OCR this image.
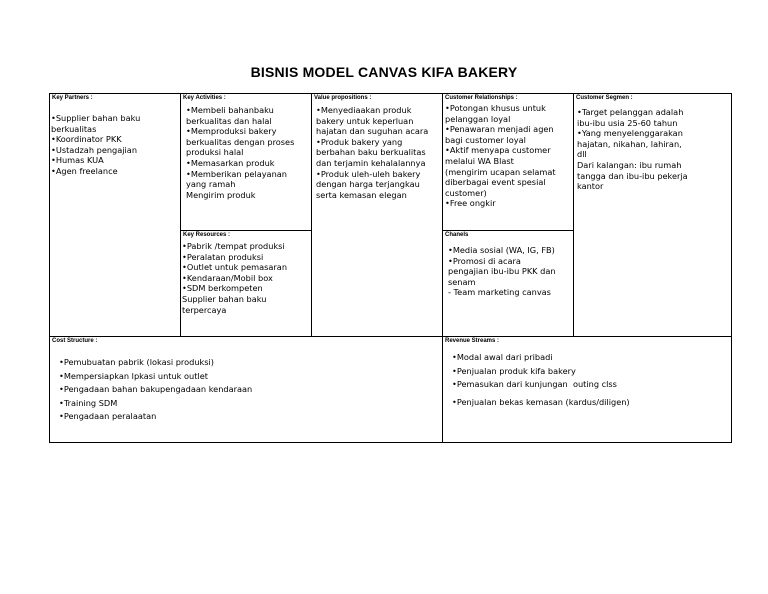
BISNIS MODEL CANVAS KIFA BAKERY
Key Partners :
•Supplier bahan baku
berkualitas
•Koordinator PKK
•Ustadzah pengajian
•Humas KUA
•Agen freelance
Key Activities :
•Membeli bahanbaku
berkualitas dan halal
•Memproduksi bakery
berkualitas dengan proses
produksi halal
•Memasarkan produk
•Memberikan pelayanan
yang ramah
Mengirim produk
Key Resources :
•Pabrik /tempat produksi
•Peralatan produksi
•Outlet untuk pemasaran
•Kendaraan/Mobil box
•SDM berkompeten
Supplier bahan baku
terpercaya
Value propositions :
•Menyediaakan produk
bakery untuk keperluan
hajatan dan suguhan acara
•Produk bakery yang
berbahan baku berkualitas
dan terjamin kehalalannya
•Produk uleh-uleh bakery
dengan harga terjangkau
serta kemasan elegan
Customer Relationships :
•Potongan khusus untuk
pelanggan loyal
•Penawaran menjadi agen
bagi customer loyal
•Aktif menyapa customer
melalui WA Blast
(mengirim ucapan selamat
diberbagai event spesial
customer)
•Free ongkir
Chanels
•Media sosial (WA, IG, FB)
•Promosi di acara
pengajian ibu-ibu PKK dan
senam
- Team marketing canvas
Customer Segmen :
•Target pelanggan adalah
ibu-ibu usia 25-60 tahun
•Yang menyelenggarakan
hajatan, nikahan, lahiran,
dll
Dari kalangan: ibu rumah
tangga dan ibu-ibu pekerja
kantor
Cost Structure :
•Pemubuatan pabrik (lokasi produksi)
•Mempersiapkan lpkasi untuk outlet
•Pengadaan bahan bakupengadaan kendaraan
•Training SDM
•Pengadaan peralaatan
Revenue Streams :
•Modal awal dari pribadi
•Penjualan produk kifa bakery
•Pemasukan dari kunjungan  outing clss
•Penjualan bekas kemasan (kardus/diligen)
